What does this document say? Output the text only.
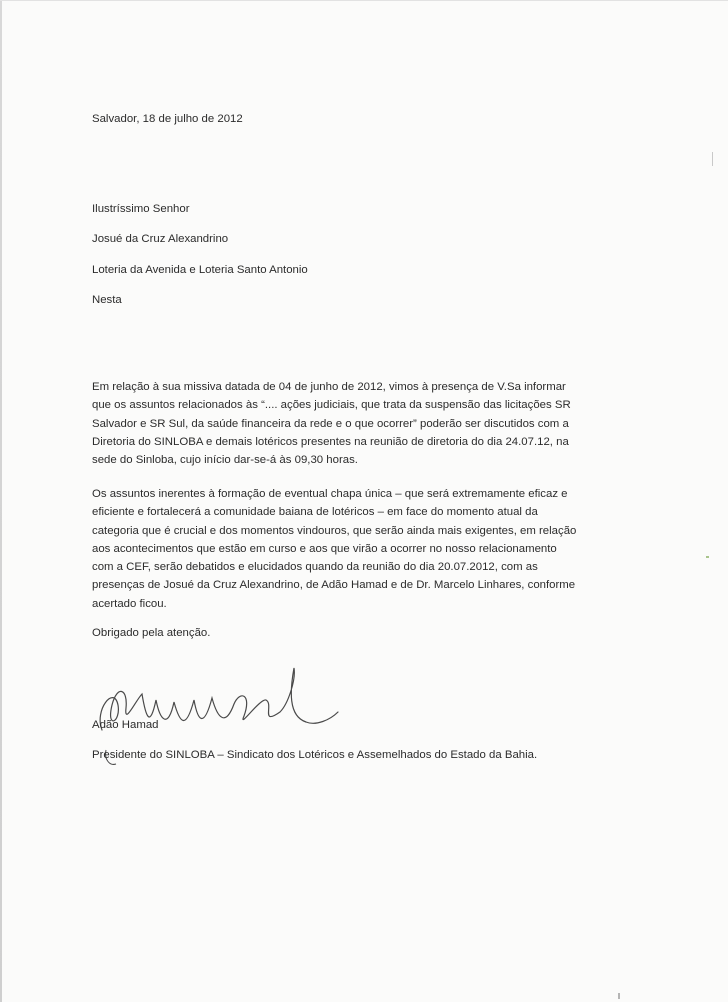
Salvador, 18 de julho de 2012
Ilustríssimo Senhor
Josué da Cruz Alexandrino
Loteria da Avenida e Loteria Santo Antonio
Nesta
Em relação à sua missiva datada de 04 de junho de 2012, vimos à presença de V.Sa informar
que os assuntos relacionados às “.... ações judiciais, que trata da suspensão das licitações SR
Salvador e SR Sul, da saúde financeira da rede e o que ocorrer” poderão ser discutidos com a
Diretoria do SINLOBA e demais lotéricos presentes na reunião de diretoria do dia 24.07.12, na
sede do Sinloba, cujo início dar-se-á às 09,30 horas.
Os assuntos inerentes à formação de eventual chapa única – que será extremamente eficaz e
eficiente e fortalecerá a comunidade baiana de lotéricos – em face do momento atual da
categoria que é crucial e dos momentos vindouros, que serão ainda mais exigentes, em relação
aos acontecimentos que estão em curso e aos que virão a ocorrer no nosso relacionamento
com a CEF, serão debatidos e elucidados quando da reunião do dia 20.07.2012, com as
presenças de Josué da Cruz Alexandrino, de Adão Hamad e de Dr. Marcelo Linhares, conforme
acertado ficou.
Obrigado pela atenção.
Adão Hamad
Presidente do SINLOBA – Sindicato dos Lotéricos e Assemelhados do Estado da Bahia.
